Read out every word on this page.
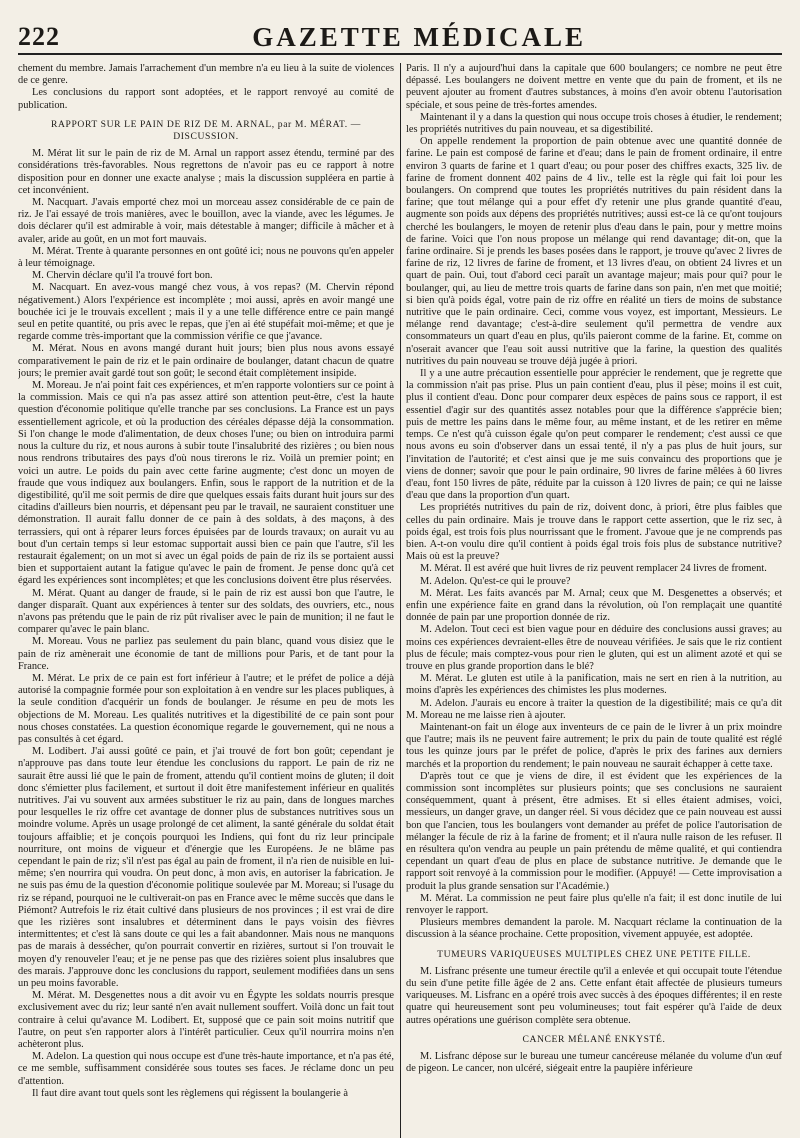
222	GAZETTE MÉDICALE

chement du membre. Jamais l'arrachement d'un membre n'a eu lieu à la suite de violences de ce genre.

Les conclusions du rapport sont adoptées, et le rapport renvoyé au comité de publication.

RAPPORT SUR LE PAIN DE RIZ DE M. ARNAL, par M. MÉRAT. — DISCUSSION.

M. Mérat lit sur le pain de riz de M. Arnal un rapport assez étendu, terminé par des considérations très-favorables. Nous regrettons de n'avoir pas eu ce rapport à notre disposition pour en donner une exacte analyse ; mais la discussion suppléera en partie à cet inconvénient.

M. Nacquart. J'avais emporté chez moi un morceau assez considérable de ce pain de riz. Je l'ai essayé de trois manières, avec le bouillon, avec la viande, avec les légumes. Je dois déclarer qu'il est admirable à voir, mais détestable à manger; difficile à mâcher et à avaler, aride au goût, en un mot fort mauvais.

M. Mérat. Trente à quarante personnes en ont goûté ici; nous ne pouvons qu'en appeler à leur témoignage.

M. Chervin déclare qu'il l'a trouvé fort bon.

M. Nacquart. En avez-vous mangé chez vous, à vos repas? (M. Chervin répond négativement.) Alors l'expérience est incomplète ; moi aussi, après en avoir mangé une bouchée ici je le trouvais excellent ; mais il y a une telle différence entre ce pain mangé seul en petite quantité, ou pris avec le repas, que j'en ai été stupéfait moi-même; et que je regarde comme très-important que la commission vérifie ce que j'avance.

M. Mérat. Nous en avons mangé durant huit jours; bien plus nous avons essayé comparativement le pain de riz et le pain ordinaire de boulanger, datant chacun de quatre jours; le premier avait gardé tout son goût; le second était complètement insipide.

M. Moreau. Je n'ai point fait ces expériences, et m'en rapporte volontiers sur ce point à la commission. Mais ce qui n'a pas assez attiré son attention peut-être, c'est la haute question d'économie politique qu'elle tranche par ses conclusions. La France est un pays essentiellement agricole, et où la production des céréales dépasse déjà la consommation. Si l'on change le mode d'alimentation, de deux choses l'une; ou bien on introduira parmi nous la culture du riz, et nous aurons à subir toute l'insalubrité des rizières ; ou bien nous nous rendrons tributaires des pays d'où nous tirerons le riz. Voilà un premier point; en voici un autre. Le poids du pain avec cette farine augmente; c'est donc un moyen de fraude que vous indiquez aux boulangers. Enfin, sous le rapport de la nutrition et de la digestibilité, qu'il me soit permis de dire que quelques essais faits durant huit jours sur des citadins d'ailleurs bien nourris, et dépensant peu par le travail, ne sauraient constituer une démonstration. Il aurait fallu donner de ce pain à des soldats, à des maçons, à des terrassiers, qui ont à réparer leurs forces épuisées par de lourds travaux; on aurait vu au bout d'un certain temps si leur estomac supportait aussi bien ce pain que l'autre, s'il les restaurait également; on un mot si avec un égal poids de pain de riz ils se portaient aussi bien et supportaient autant la fatigue qu'avec le pain de froment. Je pense donc qu'à cet égard les expériences sont incomplètes; et que les conclusions doivent être plus réservées.

M. Mérat. Quant au danger de fraude, si le pain de riz est aussi bon que l'autre, le danger disparaît. Quant aux expériences à tenter sur des soldats, des ouvriers, etc., nous n'avons pas prétendu que le pain de riz pût rivaliser avec le pain de munition; il ne faut le comparer qu'avec le pain blanc.

M. Moreau. Vous ne parliez pas seulement du pain blanc, quand vous disiez que le pain de riz amènerait une économie de tant de millions pour Paris, et de tant pour la France.

M. Mérat. Le prix de ce pain est fort inférieur à l'autre; et le préfet de police a déjà autorisé la compagnie formée pour son exploitation à en vendre sur les places publiques, à la seule condition d'acquérir un fonds de boulanger. Je résume en peu de mots les objections de M. Moreau. Les qualités nutritives et la digestibilité de ce pain sont pour nous choses constatées. La question économique regarde le gouvernement, qui ne nous a pas consultés à cet égard.

M. Lodibert. J'ai aussi goûté ce pain, et j'ai trouvé de fort bon goût; cependant je n'approuve pas dans toute leur étendue les conclusions du rapport. Le pain de riz ne saurait être aussi lié que le pain de froment, attendu qu'il contient moins de gluten; il doit donc s'émietter plus facilement, et surtout il doit être manifestement inférieur en qualités nutritives. J'ai vu souvent aux armées substituer le riz au pain, dans de longues marches pour lesquelles le riz offre cet avantage de donner plus de substances nutritives sous un moindre volume. Après un usage prolongé de cet aliment, la santé générale du soldat était toujours affaiblie; et je conçois pourquoi les Indiens, qui font du riz leur principale nourriture, ont moins de vigueur et d'énergie que les Européens. Je ne blâme pas cependant le pain de riz; s'il n'est pas égal au pain de froment, il n'a rien de nuisible en lui-même; s'en nourrira qui voudra. On peut donc, à mon avis, en autoriser la fabrication. Je ne suis pas ému de la question d'économie politique soulevée par M. Moreau; si l'usage du riz se répand, pourquoi ne le cultiverait-on pas en France avec le même succès que dans le Piémont? Autrefois le riz était cultivé dans plusieurs de nos provinces ; il est vrai de dire que les rizières sont insalubres et déterminent dans le pays voisin des fièvres intermittentes; et c'est là sans doute ce qui les a fait abandonner. Mais nous ne manquons pas de marais à dessécher, qu'on pourrait convertir en rizières, surtout si l'on trouvait le moyen d'y renouveler l'eau; et je ne pense pas que des rizières soient plus insalubres que des marais. J'approuve donc les conclusions du rapport, seulement modifiées dans un sens un peu moins favorable.

M. Mérat. M. Desgenettes nous a dit avoir vu en Égypte les soldats nourris presque exclusivement avec du riz; leur santé n'en avait nullement souffert. Voilà donc un fait tout contraire à celui qu'avance M. Lodibert. Et, supposé que ce pain soit moins nutritif que l'autre, on peut s'en rapporter alors à l'intérêt particulier. Ceux qu'il nourrira moins n'en achèteront plus.

M. Adelon. La question qui nous occupe est d'une très-haute importance, et n'a pas été, ce me semble, suffisamment considérée sous toutes ses faces. Je réclame donc un peu d'attention.

Il faut dire avant tout quels sont les règlemens qui régissent la boulangerie à

Paris. Il n'y a aujourd'hui dans la capitale que 600 boulangers; ce nombre ne peut être dépassé. Les boulangers ne doivent mettre en vente que du pain de froment, et ils ne peuvent ajouter au froment d'autres substances, à moins d'en avoir obtenu l'autorisation spéciale, et sous peine de très-fortes amendes.

Maintenant il y a dans la question qui nous occupe trois choses à étudier, le rendement; les propriétés nutritives du pain nouveau, et sa digestibilité.

On appelle rendement la proportion de pain obtenue avec une quantité donnée de farine. Le pain est composé de farine et d'eau; dans le pain de froment ordinaire, il entre environ 3 quarts de farine et 1 quart d'eau; ou pour poser des chiffres exacts, 325 liv. de farine de froment donnent 402 pains de 4 liv., telle est la règle qui fait loi pour les boulangers. On comprend que toutes les propriétés nutritives du pain résident dans la farine; que tout mélange qui a pour effet d'y retenir une plus grande quantité d'eau, augmente son poids aux dépens des propriétés nutritives; aussi est-ce là ce qu'ont toujours cherché les boulangers, le moyen de retenir plus d'eau dans le pain, pour y mettre moins de farine. Voici que l'on nous propose un mélange qui rend davantage; dit-on, que la farine ordinaire. Si je prends les bases posées dans le rapport, je trouve qu'avec 2 livres de farine de riz, 12 livres de farine de froment, et 13 livres d'eau, on obtient 24 livres et un quart de pain. Oui, tout d'abord ceci paraît un avantage majeur; mais pour qui? pour le boulanger, qui, au lieu de mettre trois quarts de farine dans son pain, n'en met que moitié; si bien qu'à poids égal, votre pain de riz offre en réalité un tiers de moins de substance nutritive que le pain ordinaire. Ceci, comme vous voyez, est important, Messieurs. Le mélange rend davantage; c'est-à-dire seulement qu'il permettra de vendre aux consommateurs un quart d'eau en plus, qu'ils paieront comme de la farine. Et, comme on n'oserait avancer que l'eau soit aussi nutritive que la farine, la question des qualités nutritives du pain nouveau se trouve déjà jugée à priori.

Il y a une autre précaution essentielle pour apprécier le rendement, que je regrette que la commission n'ait pas prise. Plus un pain contient d'eau, plus il pèse; moins il est cuit, plus il contient d'eau. Donc pour comparer deux espèces de pains sous ce rapport, il est essentiel d'agir sur des quantités assez notables pour que la différence s'apprécie bien; puis de mettre les pains dans le même four, au même instant, et de les retirer en même temps. Ce n'est qu'à cuisson égale qu'on peut comparer le rendement; c'est aussi ce que nous avons eu soin d'observer dans un essai tenté, il n'y a pas plus de huit jours, sur l'invitation de l'autorité; et c'est ainsi que je me suis convaincu des proportions que je viens de donner; savoir que pour le pain ordinaire, 90 livres de farine mêlées à 60 livres d'eau, font 150 livres de pâte, réduite par la cuisson à 120 livres de pain; ce qui ne laisse d'eau que dans la proportion d'un quart.

Les propriétés nutritives du pain de riz, doivent donc, à priori, être plus faibles que celles du pain ordinaire. Mais je trouve dans le rapport cette assertion, que le riz sec, à poids égal, est trois fois plus nourrissant que le froment. J'avoue que je ne comprends pas bien. A-t-on voulu dire qu'il contient à poids égal trois fois plus de substance nutritive? Mais où est la preuve?

M. Mérat. Il est avéré que huit livres de riz peuvent remplacer 24 livres de froment.

M. Adelon. Qu'est-ce qui le prouve?

M. Mérat. Les faits avancés par M. Arnal; ceux que M. Desgenettes a observés; et enfin une expérience faite en grand dans la révolution, où l'on remplaçait une quantité donnée de pain par une proportion donnée de riz.

M. Adelon. Tout ceci est bien vague pour en déduire des conclusions aussi graves; au moins ces expériences devraient-elles être de nouveau vérifiées. Je sais que le riz contient plus de fécule; mais comptez-vous pour rien le gluten, qui est un aliment azoté et qui se trouve en plus grande proportion dans le blé?

M. Mérat. Le gluten est utile à la panification, mais ne sert en rien à la nutrition, au moins d'après les expériences des chimistes les plus modernes.

M. Adelon. J'aurais eu encore à traiter la question de la digestibilité; mais ce qu'a dit M. Moreau ne me laisse rien à ajouter.

Maintenant-on fait un éloge aux inventeurs de ce pain de le livrer à un prix moindre que l'autre; mais ils ne peuvent faire autrement; le prix du pain de toute qualité est réglé tous les quinze jours par le préfet de police, d'après le prix des farines aux derniers marchés et la proportion du rendement; le pain nouveau ne saurait échapper à cette taxe.

D'après tout ce que je viens de dire, il est évident que les expériences de la commission sont incomplètes sur plusieurs points; que ses conclusions ne sauraient conséquemment, quant à présent, être admises. Et si elles étaient admises, voici, messieurs, un danger grave, un danger réel. Si vous décidez que ce pain nouveau est aussi bon que l'ancien, tous les boulangers vont demander au préfet de police l'autorisation de mélanger la fécule de riz à la farine de froment; et il n'aura nulle raison de les refuser. Il en résultera qu'on vendra au peuple un pain prétendu de même qualité, et qui contiendra cependant un quart d'eau de plus en place de substance nutritive. Je demande que le rapport soit renvoyé à la commission pour le modifier. (Appuyé! — Cette improvisation a produit la plus grande sensation sur l'Académie.)

M. Mérat. La commission ne peut faire plus qu'elle n'a fait; il est donc inutile de lui renvoyer le rapport.

Plusieurs membres demandent la parole. M. Nacquart réclame la continuation de la discussion à la séance prochaine. Cette proposition, vivement appuyée, est adoptée.

TUMEURS VARIQUEUSES MULTIPLES CHEZ UNE PETITE FILLE.

M. Lisfranc présente une tumeur érectile qu'il a enlevée et qui occupait toute l'étendue du sein d'une petite fille âgée de 2 ans. Cette enfant était affectée de plusieurs tumeurs variqueuses. M. Lisfranc en a opéré trois avec succès à des époques différentes; il en reste quatre qui heureusement sont peu volumineuses; tout fait espérer qu'à l'aide de deux autres opérations une guérison complète sera obtenue.

CANCER MÉLANÉ ENKYSTÉ.

M. Lisfranc dépose sur le bureau une tumeur cancéreuse mélanée du volume d'un œuf de pigeon. Le cancer, non ulcéré, siégeait entre la paupière inférieure
